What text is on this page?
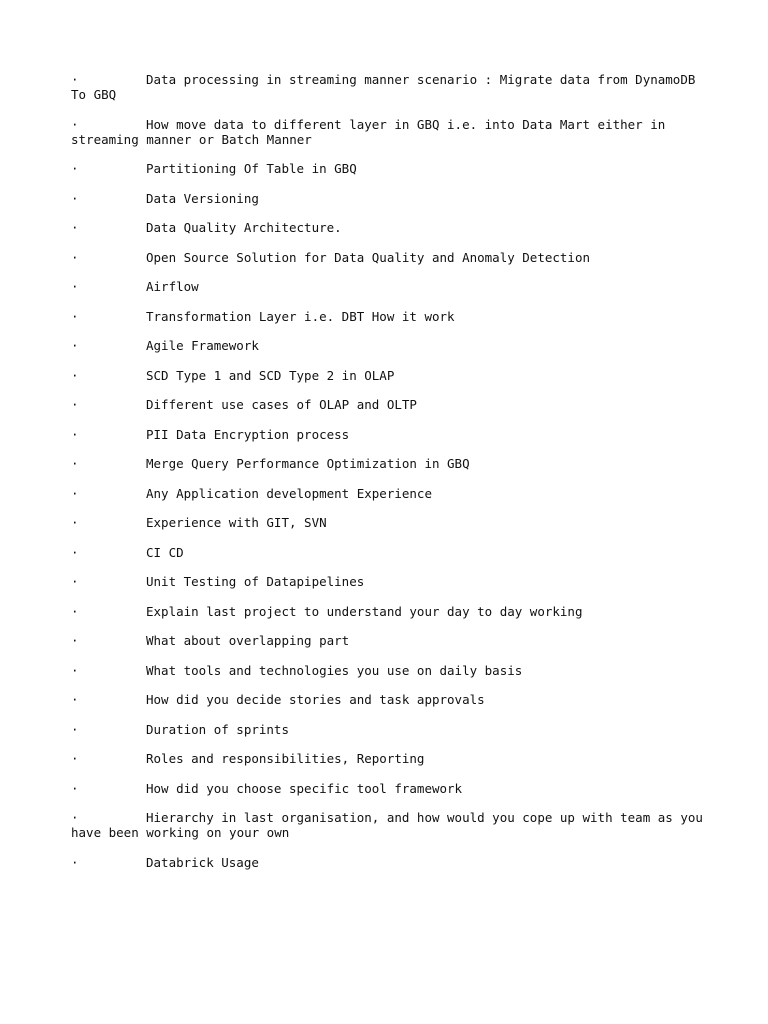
·	Data processing in streaming manner scenario : Migrate data from DynamoDB To GBQ
·	How move data to different layer in GBQ i.e. into Data Mart either in streaming manner or Batch Manner
·	Partitioning Of Table in GBQ
·	Data Versioning
·	Data Quality Architecture.
·	Open Source Solution for Data Quality and Anomaly Detection
·	Airflow
·	Transformation Layer i.e. DBT How it work
·	Agile Framework
·	SCD Type 1 and SCD Type 2 in OLAP
·	Different use cases of OLAP and OLTP
·	PII Data Encryption process
·	Merge Query Performance Optimization in GBQ
·	Any Application development Experience
·	Experience with GIT, SVN
·	CI CD
·	Unit Testing of Datapipelines
·	Explain last project to understand your day to day working
·	What about overlapping part
·	What tools and technologies you use on daily basis
·	How did you decide stories and task approvals
·	Duration of sprints
·	Roles and responsibilities, Reporting
·	How did you choose specific tool framework
·	Hierarchy in last organisation, and how would you cope up with team as you have been working on your own
·	Databrick Usage
